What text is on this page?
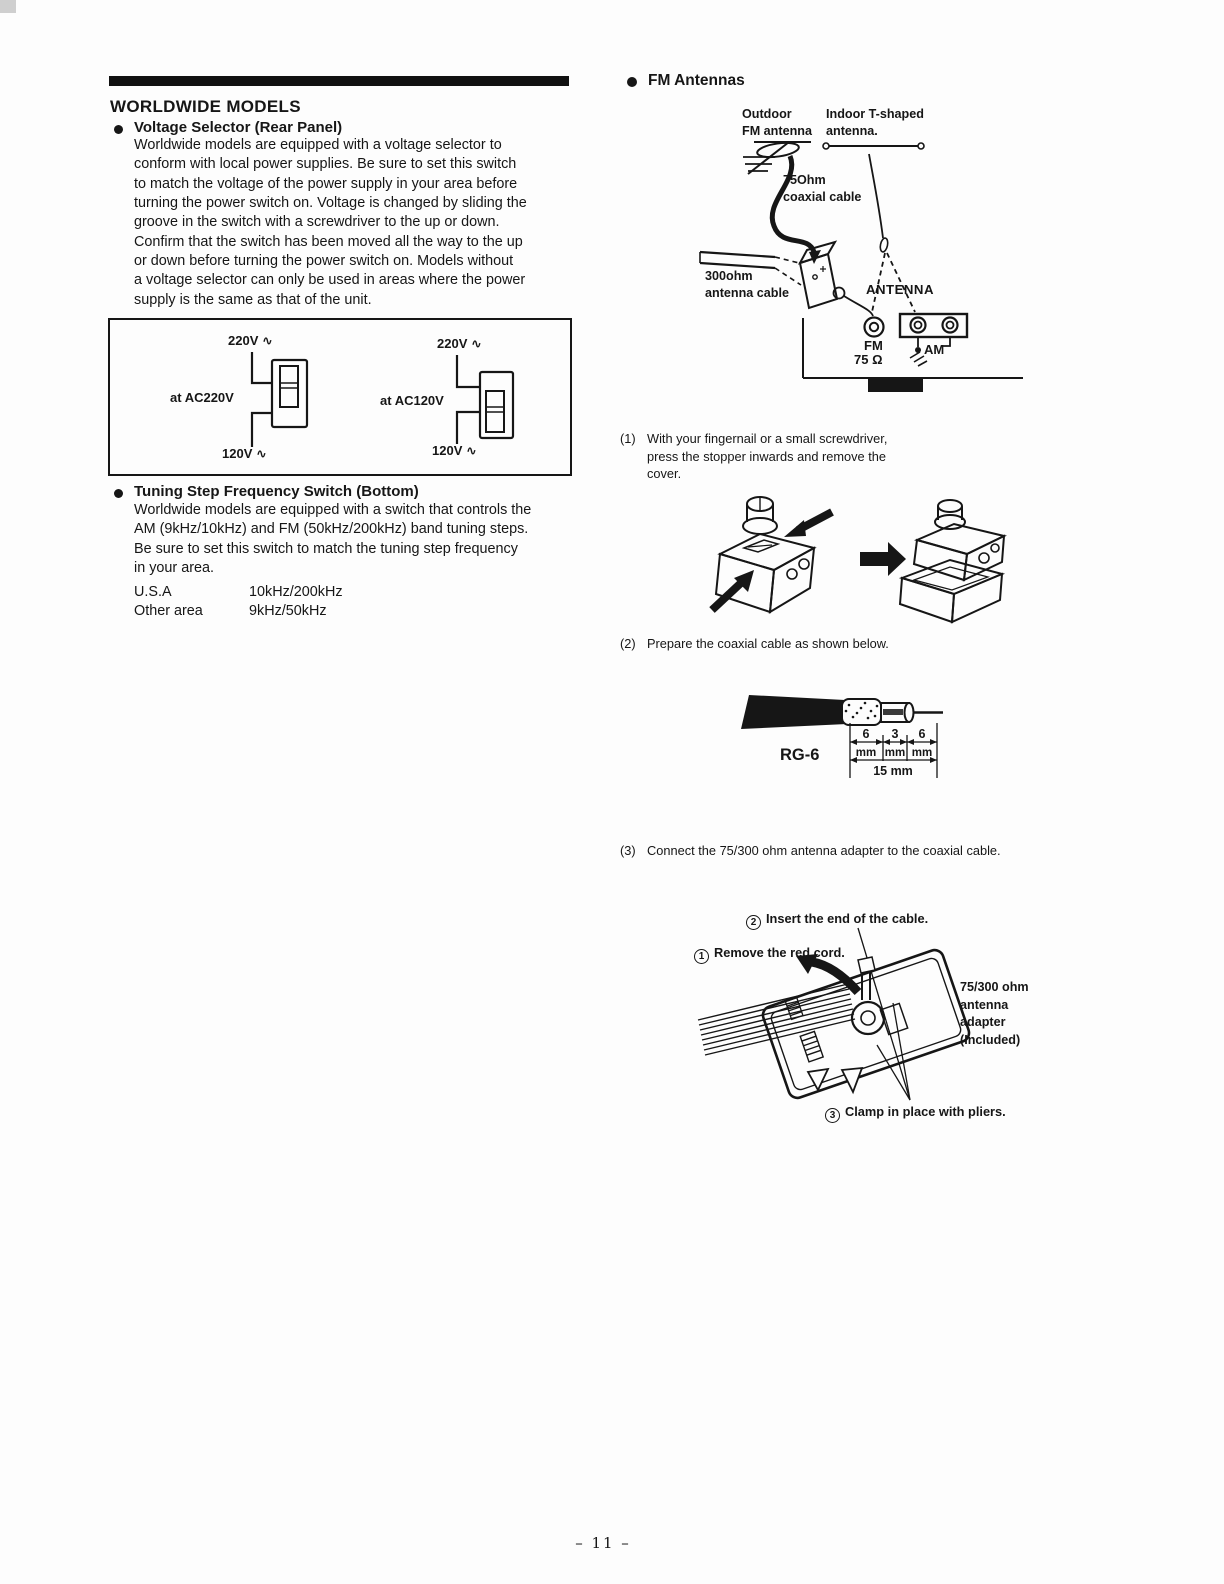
WORLDWIDE MODELS
Voltage Selector (Rear Panel)
Worldwide models are equipped with a voltage selector to
conform with local power supplies. Be sure to set this switch
to match the voltage of the power supply in your area before
turning the power switch on. Voltage is changed by sliding the
groove in the switch with a screwdriver to the up or down.
Confirm that the switch has been moved all the way to the up
or down before turning the power switch on. Models without
a voltage selector can only be used in areas where the power
supply is the same as that of the unit.
220V ∿
at AC220V
120V ∿
220V ∿
at AC120V
120V ∿
Tuning Step Frequency Switch (Bottom)
Worldwide models are equipped with a switch that controls the
AM (9kHz/10kHz) and FM (50kHz/200kHz) band tuning steps.
Be sure to set this switch to match the tuning step frequency
in your area.
U.S.A	10kHz/200kHz
Other area	9kHz/50kHz
FM Antennas
Outdoor
FM antenna
Indoor T-shaped
antenna.
75Ohm
coaxial cable
300ohm
antenna cable	ANTENNA
FM
75 Ω
AM
(1) With your fingernail or a small screwdriver,
press the stopper inwards and remove the
cover.
(2) Prepare the coaxial cable as shown below.
6 3 6
mm mm mm
15 mm
RG-6
(3) Connect the 75/300 ohm antenna adapter to the coaxial cable.
2 Insert the end of the cable.
1 Remove the red cord.
3 Clamp in place with pliers.
75/300 ohm
antenna
adapter
(Included)
– 11 –
